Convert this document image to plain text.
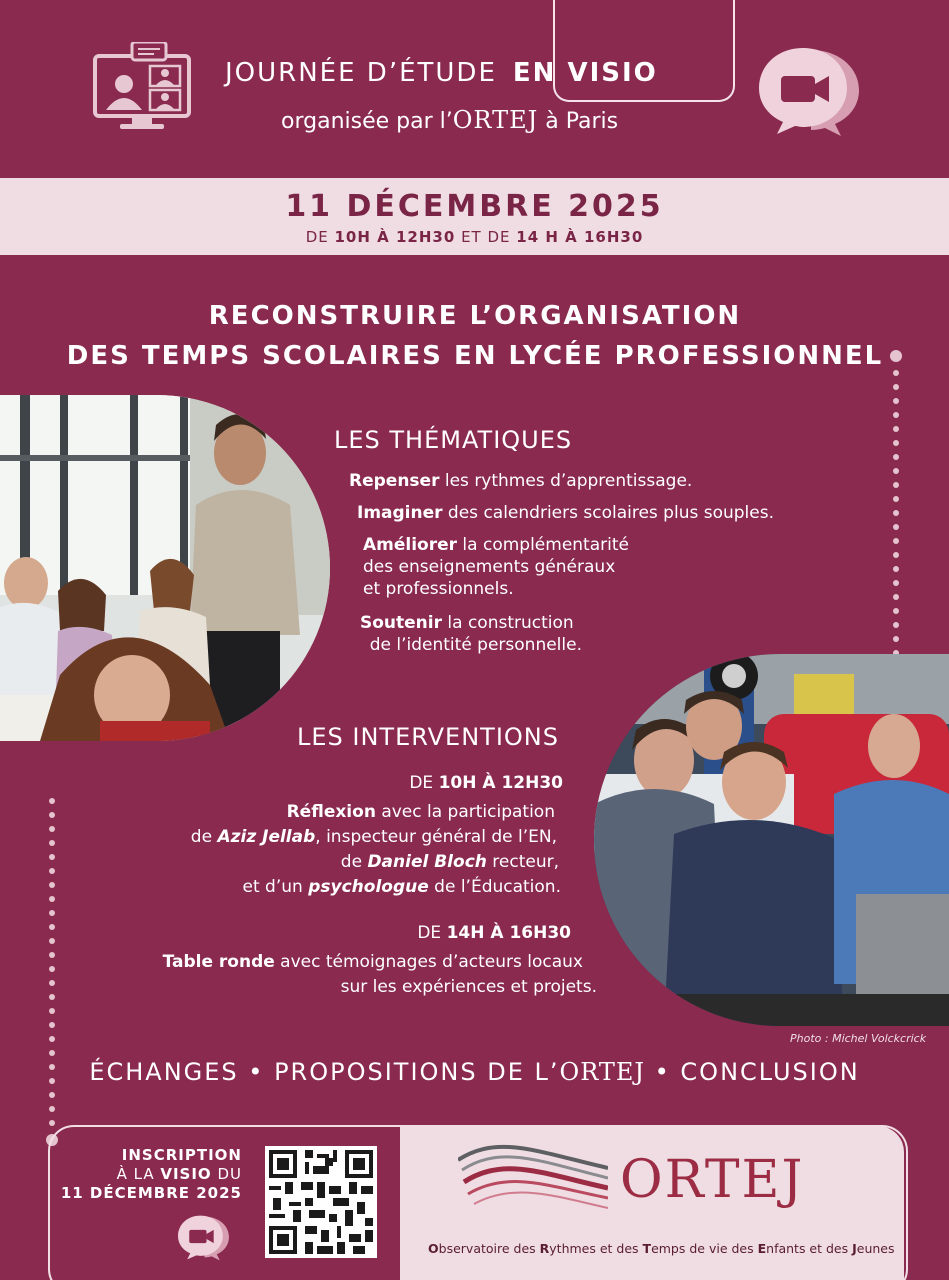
JOURNÉE D’ÉTUDE EN VISIO
organisée par l’ORTEJ à Paris
11 DÉCEMBRE 2025
DE 10H À 12H30 ET DE 14 H À 16H30
RECONSTRUIRE L’ORGANISATION
DES TEMPS SCOLAIRES EN LYCÉE PROFESSIONNEL
LES THÉMATIQUES
Repenser les rythmes d’apprentissage.
Imaginer des calendriers scolaires plus souples.
Améliorer la complémentarité
des enseignements généraux
et professionnels.
Soutenir la construction
de l’identité personnelle.
Photo : Michel Volckcrick
LES INTERVENTIONS
DE 10H À 12H30
Réflexion avec la participation
de Aziz Jellab, inspecteur général de l’EN,
de Daniel Bloch recteur,
et d’un psychologue de l’Éducation.
DE 14H À 16H30
Table ronde avec témoignages d’acteurs locaux
sur les expériences et projets.
ÉCHANGES • PROPOSITIONS DE L’ORTEJ • CONCLUSION
INSCRIPTION
À LA VISIO DU
11 DÉCEMBRE 2025	ORTEJ
Observatoire des Rythmes et des Temps de vie des Enfants et des Jeunes
